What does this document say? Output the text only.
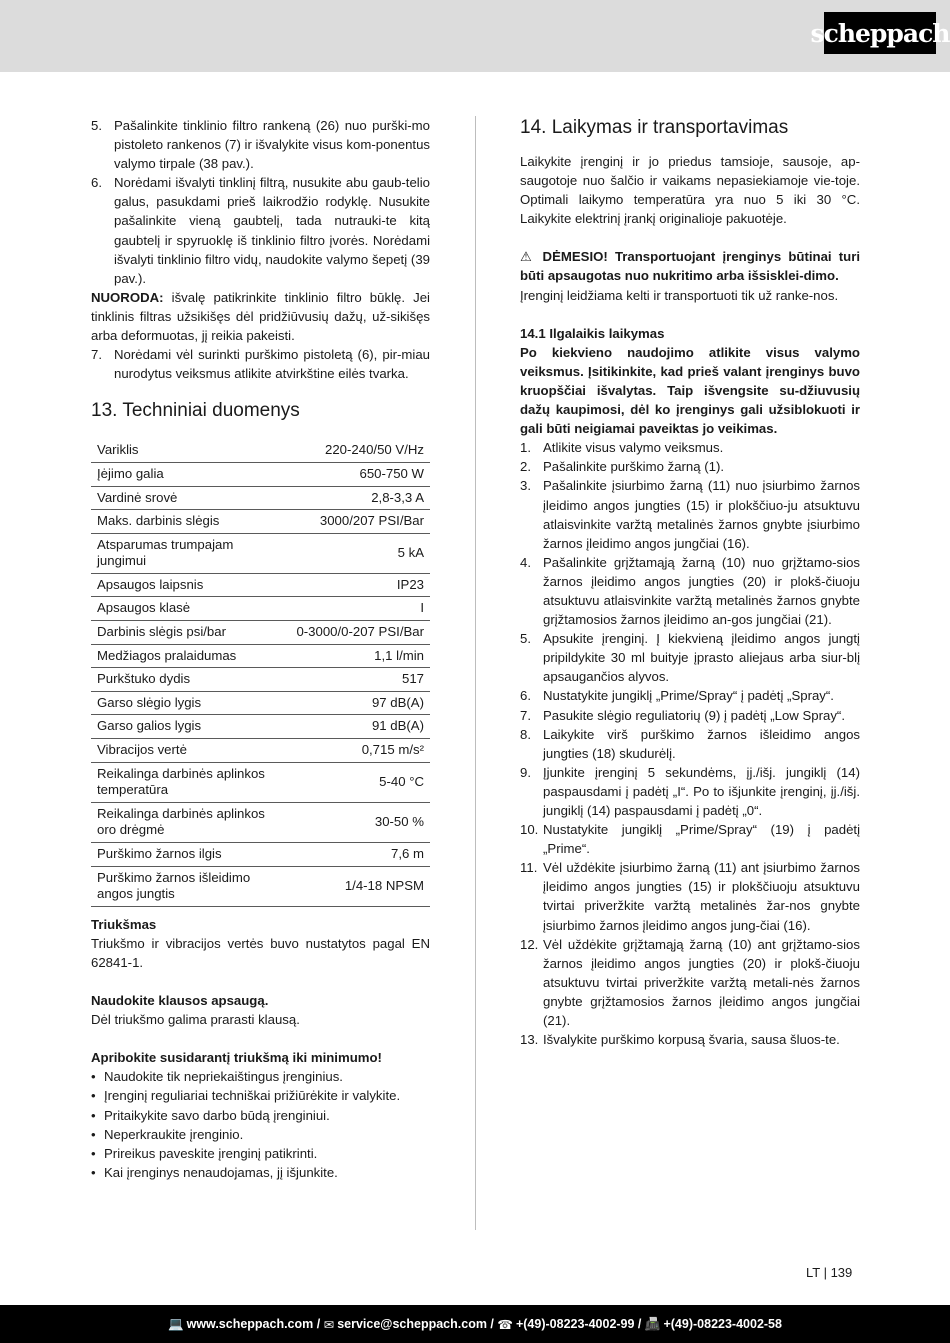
scheppach
5. Pašalinkite tinklinio filtro rankeną (26) nuo purški-mo pistoleto rankenos (7) ir išvalykite visus kom-ponentus valymo tirpale (38 pav.).
6. Norėdami išvalyti tinklinį filtrą, nusukite abu gaub-telio galus, pasukdami prieš laikrodžio rodyklę. Nusukite pašalinkite vieną gaubtelį, tada nutrauki-te kitą gaubtelį ir spyruoklę iš tinklinio filtro įvorės. Norėdami išvalyti tinklinio filtro vidų, naudokite valymo šepetį (39 pav.).

NUORODA: išvalę patikrinkite tinklinio filtro būklę. Jei tinklinis filtras užsikišęs dėl pridžiūvusių dažų, už-sikišęs arba deformuotas, jį reikia pakeisti.

7. Norėdami vėl surinkti purškimo pistoletą (6), pir-miau nurodytus veiksmus atlikite atvirkštine eilės tvarka.
13. Techniniai duomenys
Variklis	220-240/50 V/Hz
Įėjimo galia	650-750 W
Vardinė srovė	2,8-3,3 A
Maks. darbinis slėgis	3000/207 PSI/Bar
Atsparumas trumpajam jungimui	5 kA
Apsaugos laipsnis	IP23
Apsaugos klasė	I
Darbinis slėgis psi/bar	0-3000/0-207 PSI/Bar
Medžiagos pralaidumas	1,1 l/min
Purkštuko dydis	517
Garso slėgio lygis	97 dB(A)
Garso galios lygis	91 dB(A)
Vibracijos vertė	0,715 m/s²
Reikalinga darbinės aplinkos temperatūra	5-40 °C
Reikalinga darbinės aplinkos oro drėgmė	30-50 %
Purškimo žarnos ilgis	7,6 m
Purškimo žarnos išleidimo angos jungtis	1/4-18 NPSM

Triukšmas

Triukšmo ir vibracijos vertės buvo nustatytos pagal EN 62841-1.

Naudokite klausos apsaugą.

Dėl triukšmo galima prarasti klausą.

Apribokite susidarantį triukšmą iki minimumo!

• Naudokite tik nepriekaištingus įrenginius.
• Įrenginį reguliariai techniškai prižiūrėkite ir valykite.
• Pritaikykite savo darbo būdą įrenginiui.
• Neperkraukite įrenginio.
• Prireikus paveskite įrenginį patikrinti.
• Kai įrenginys nenaudojamas, jį išjunkite.
14. Laikymas ir transportavimas

Laikykite įrenginį ir jo priedus tamsioje, sausoje, ap-saugotoje nuo šalčio ir vaikams nepasiekiamoje vie-toje. Optimali laikymo temperatūra yra nuo 5 iki 30 °C. Laikykite elektrinį įrankį originalioje pakuotėje.

⚠ DĖMESIO! Transportuojant įrenginys būtinai turi būti apsaugotas nuo nukritimo arba išsisklei-dimo.

Įrenginį leidžiama kelti ir transportuoti tik už ranke-nos.

14.1 Ilgalaikis laikymas

Po kiekvieno naudojimo atlikite visus valymo veiksmus. Įsitikinkite, kad prieš valant įrenginys buvo kruopščiai išvalytas. Taip išvengsite su-džiuvusių dažų kaupimosi, dėl ko įrenginys gali užsiblokuoti ir gali būti neigiamai paveiktas jo veikimas.

1. Atlikite visus valymo veiksmus.
2. Pašalinkite purškimo žarną (1).
3. Pašalinkite įsiurbimo žarną (11) nuo įsiurbimo žarnos įleidimo angos jungties (15) ir plokščiuo-ju atsuktuvu atlaisvinkite varžtą metalinės žarnos gnybte įsiurbimo žarnos įleidimo angos jungčiai (16).
4. Pašalinkite grįžtamąją žarną (10) nuo grįžtamo-sios žarnos įleidimo angos jungties (20) ir plokš-čiuoju atsuktuvu atlaisvinkite varžtą metalinės žarnos gnybte grįžtamosios žarnos įleidimo an-gos jungčiai (21).
5. Apsukite įrenginį. Į kiekvieną įleidimo angos jungtį pripildykite 30 ml buityje įprasto aliejaus arba siur-blį apsaugančios alyvos.
6. Nustatykite jungiklį „Prime/Spray“ į padėtį „Spray“.
7. Pasukite slėgio reguliatorių (9) į padėtį „Low Spray“.
8. Laikykite virš purškimo žarnos išleidimo angos jungties (18) skudurėlį.
9. Įjunkite įrenginį 5 sekundėms, įj./išj. jungiklį (14) paspausdami į padėtį „I“. Po to išjunkite įrenginį, įj./išj. jungiklį (14) paspausdami į padėtį „0“.
10. Nustatykite jungiklį „Prime/Spray“ (19) į padėtį „Prime“.
11. Vėl uždėkite įsiurbimo žarną (11) ant įsiurbimo žarnos įleidimo angos jungties (15) ir plokščiuoju atsuktuvu tvirtai priveržkite varžtą metalinės žar-nos gnybte įsiurbimo žarnos įleidimo angos jung-čiai (16).
12. Vėl uždėkite grįžtamąją žarną (10) ant grįžtamo-sios žarnos įleidimo angos jungties (20) ir plokš-čiuoju atsuktuvu tvirtai priveržkite varžtą metali-nės žarnos gnybte grįžtamosios žarnos įleidimo angos jungčiai (21).
13. Išvalykite purškimo korpusą švaria, sausa šluos-te.
LT | 139
💻 www.scheppach.com /
✉ service@scheppach.com /
☎ +(49)-08223-4002-99 /
📠 +(49)-08223-4002-58
